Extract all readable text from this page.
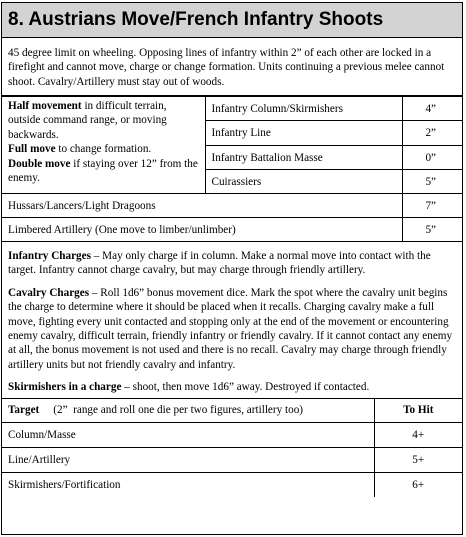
8. Austrians Move/French Infantry Shoots

45 degree limit on wheeling. Opposing lines of infantry within 2” of each other are locked in a firefight and cannot move, charge or change formation. Units continuing a previous melee cannot shoot. Cavalry/Artillery must stay out of woods.

Half movement in difficult terrain, outside command range, or moving backwards.
Full move to change formation.
Double move if staying over 12” from the enemy.	Infantry Column/Skirmishers	4”
	Infantry Line	2”
	Infantry Battalion Masse	0”
	Cuirassiers	5”
Hussars/Lancers/Light Dragoons		7”
Limbered Artillery (One move to limber/unlimber)		5”

Infantry Charges – May only charge if in column. Make a normal move into contact with the target. Infantry cannot charge cavalry, but may charge through friendly artillery.

Cavalry Charges – Roll 1d6” bonus movement dice. Mark the spot where the cavalry unit begins the charge to determine where it should be placed when it recalls. Charging cavalry make a full move, fighting every unit contacted and stopping only at the end of the movement or encountering enemy cavalry, difficult terrain, friendly infantry or friendly cavalry. If it cannot contact any enemy at all, the bonus movement is not used and there is no recall. Cavalry may charge through friendly artillery units but not friendly cavalry and infantry.

Skirmishers in a charge – shoot, then move 1d6” away. Destroyed if contacted.

Target     (2”  range and roll one die per two figures, artillery too)	To Hit
Column/Masse	4+
Line/Artillery	5+
Skirmishers/Fortification	6+
